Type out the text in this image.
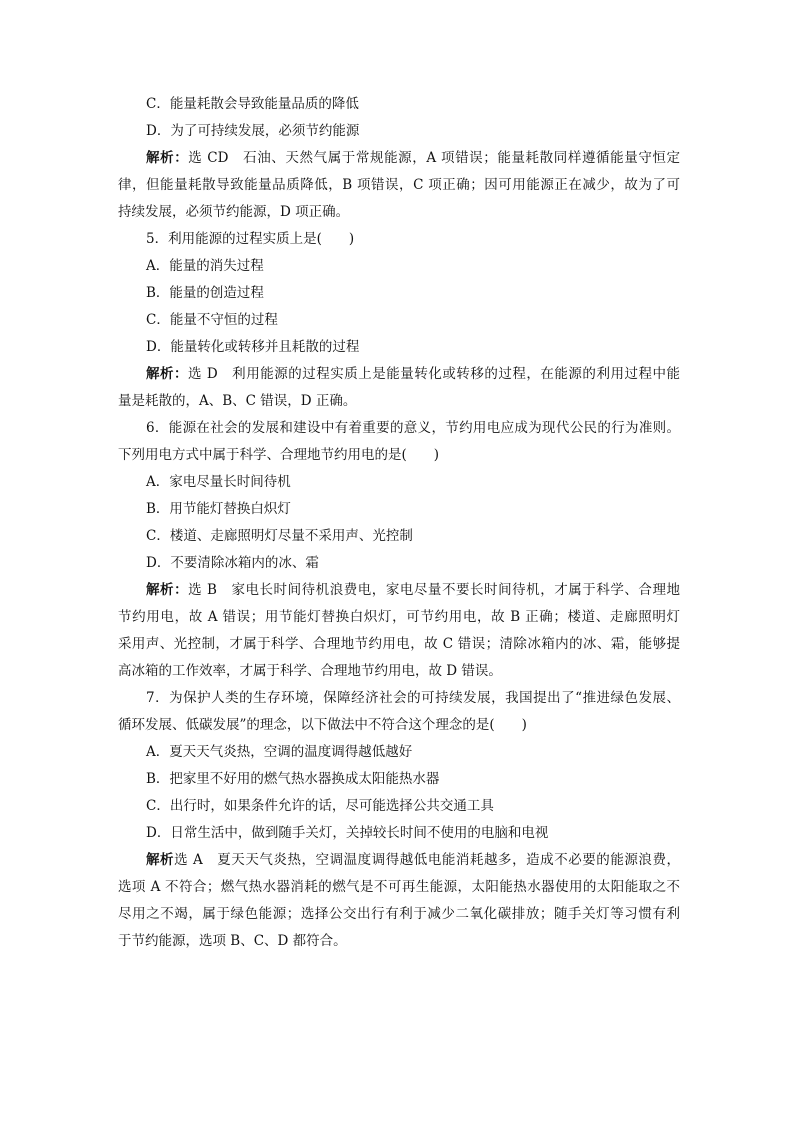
C．能量耗散会导致能量品质的降低
D．为了可持续发展，必须节约能源
解析：选 CD　石油、天然气属于常规能源，A 项错误；能量耗散同样遵循能量守恒定
律，但能量耗散导致能量品质降低，B 项错误，C 项正确；因可用能源正在减少，故为了可
持续发展，必须节约能源，D 项正确。
5．利用能源的过程实质上是(　　)
A．能量的消失过程
B．能量的创造过程
C．能量不守恒的过程
D．能量转化或转移并且耗散的过程
解析：选 D　利用能源的过程实质上是能量转化或转移的过程，在能源的利用过程中能
量是耗散的，A、B、C 错误，D 正确。
6．能源在社会的发展和建设中有着重要的意义，节约用电应成为现代公民的行为准则。
下列用电方式中属于科学、合理地节约用电的是(　　)
A．家电尽量长时间待机
B．用节能灯替换白炽灯
C．楼道、走廊照明灯尽量不采用声、光控制
D．不要清除冰箱内的冰、霜
解析：选 B　家电长时间待机浪费电，家电尽量不要长时间待机，才属于科学、合理地
节约用电，故 A 错误；用节能灯替换白炽灯，可节约用电，故 B 正确；楼道、走廊照明灯
采用声、光控制，才属于科学、合理地节约用电，故 C 错误；清除冰箱内的冰、霜，能够提
高冰箱的工作效率，才属于科学、合理地节约用电，故 D 错误。
7．为保护人类的生存环境，保障经济社会的可持续发展，我国提出了“推进绿色发展、
循环发展、低碳发展”的理念，以下做法中不符合这个理念的是(　　)
A．夏天天气炎热，空调的温度调得越低越好
B．把家里不好用的燃气热水器换成太阳能热水器
C．出行时，如果条件允许的话，尽可能选择公共交通工具
D．日常生活中，做到随手关灯，关掉较长时间不使用的电脑和电视
解析选 A　夏天天气炎热，空调温度调得越低电能消耗越多，造成不必要的能源浪费，
选项 A 不符合；燃气热水器消耗的燃气是不可再生能源，太阳能热水器使用的太阳能取之不
尽用之不竭，属于绿色能源；选择公交出行有利于减少二氧化碳排放；随手关灯等习惯有利
于节约能源，选项 B、C、D 都符合。
